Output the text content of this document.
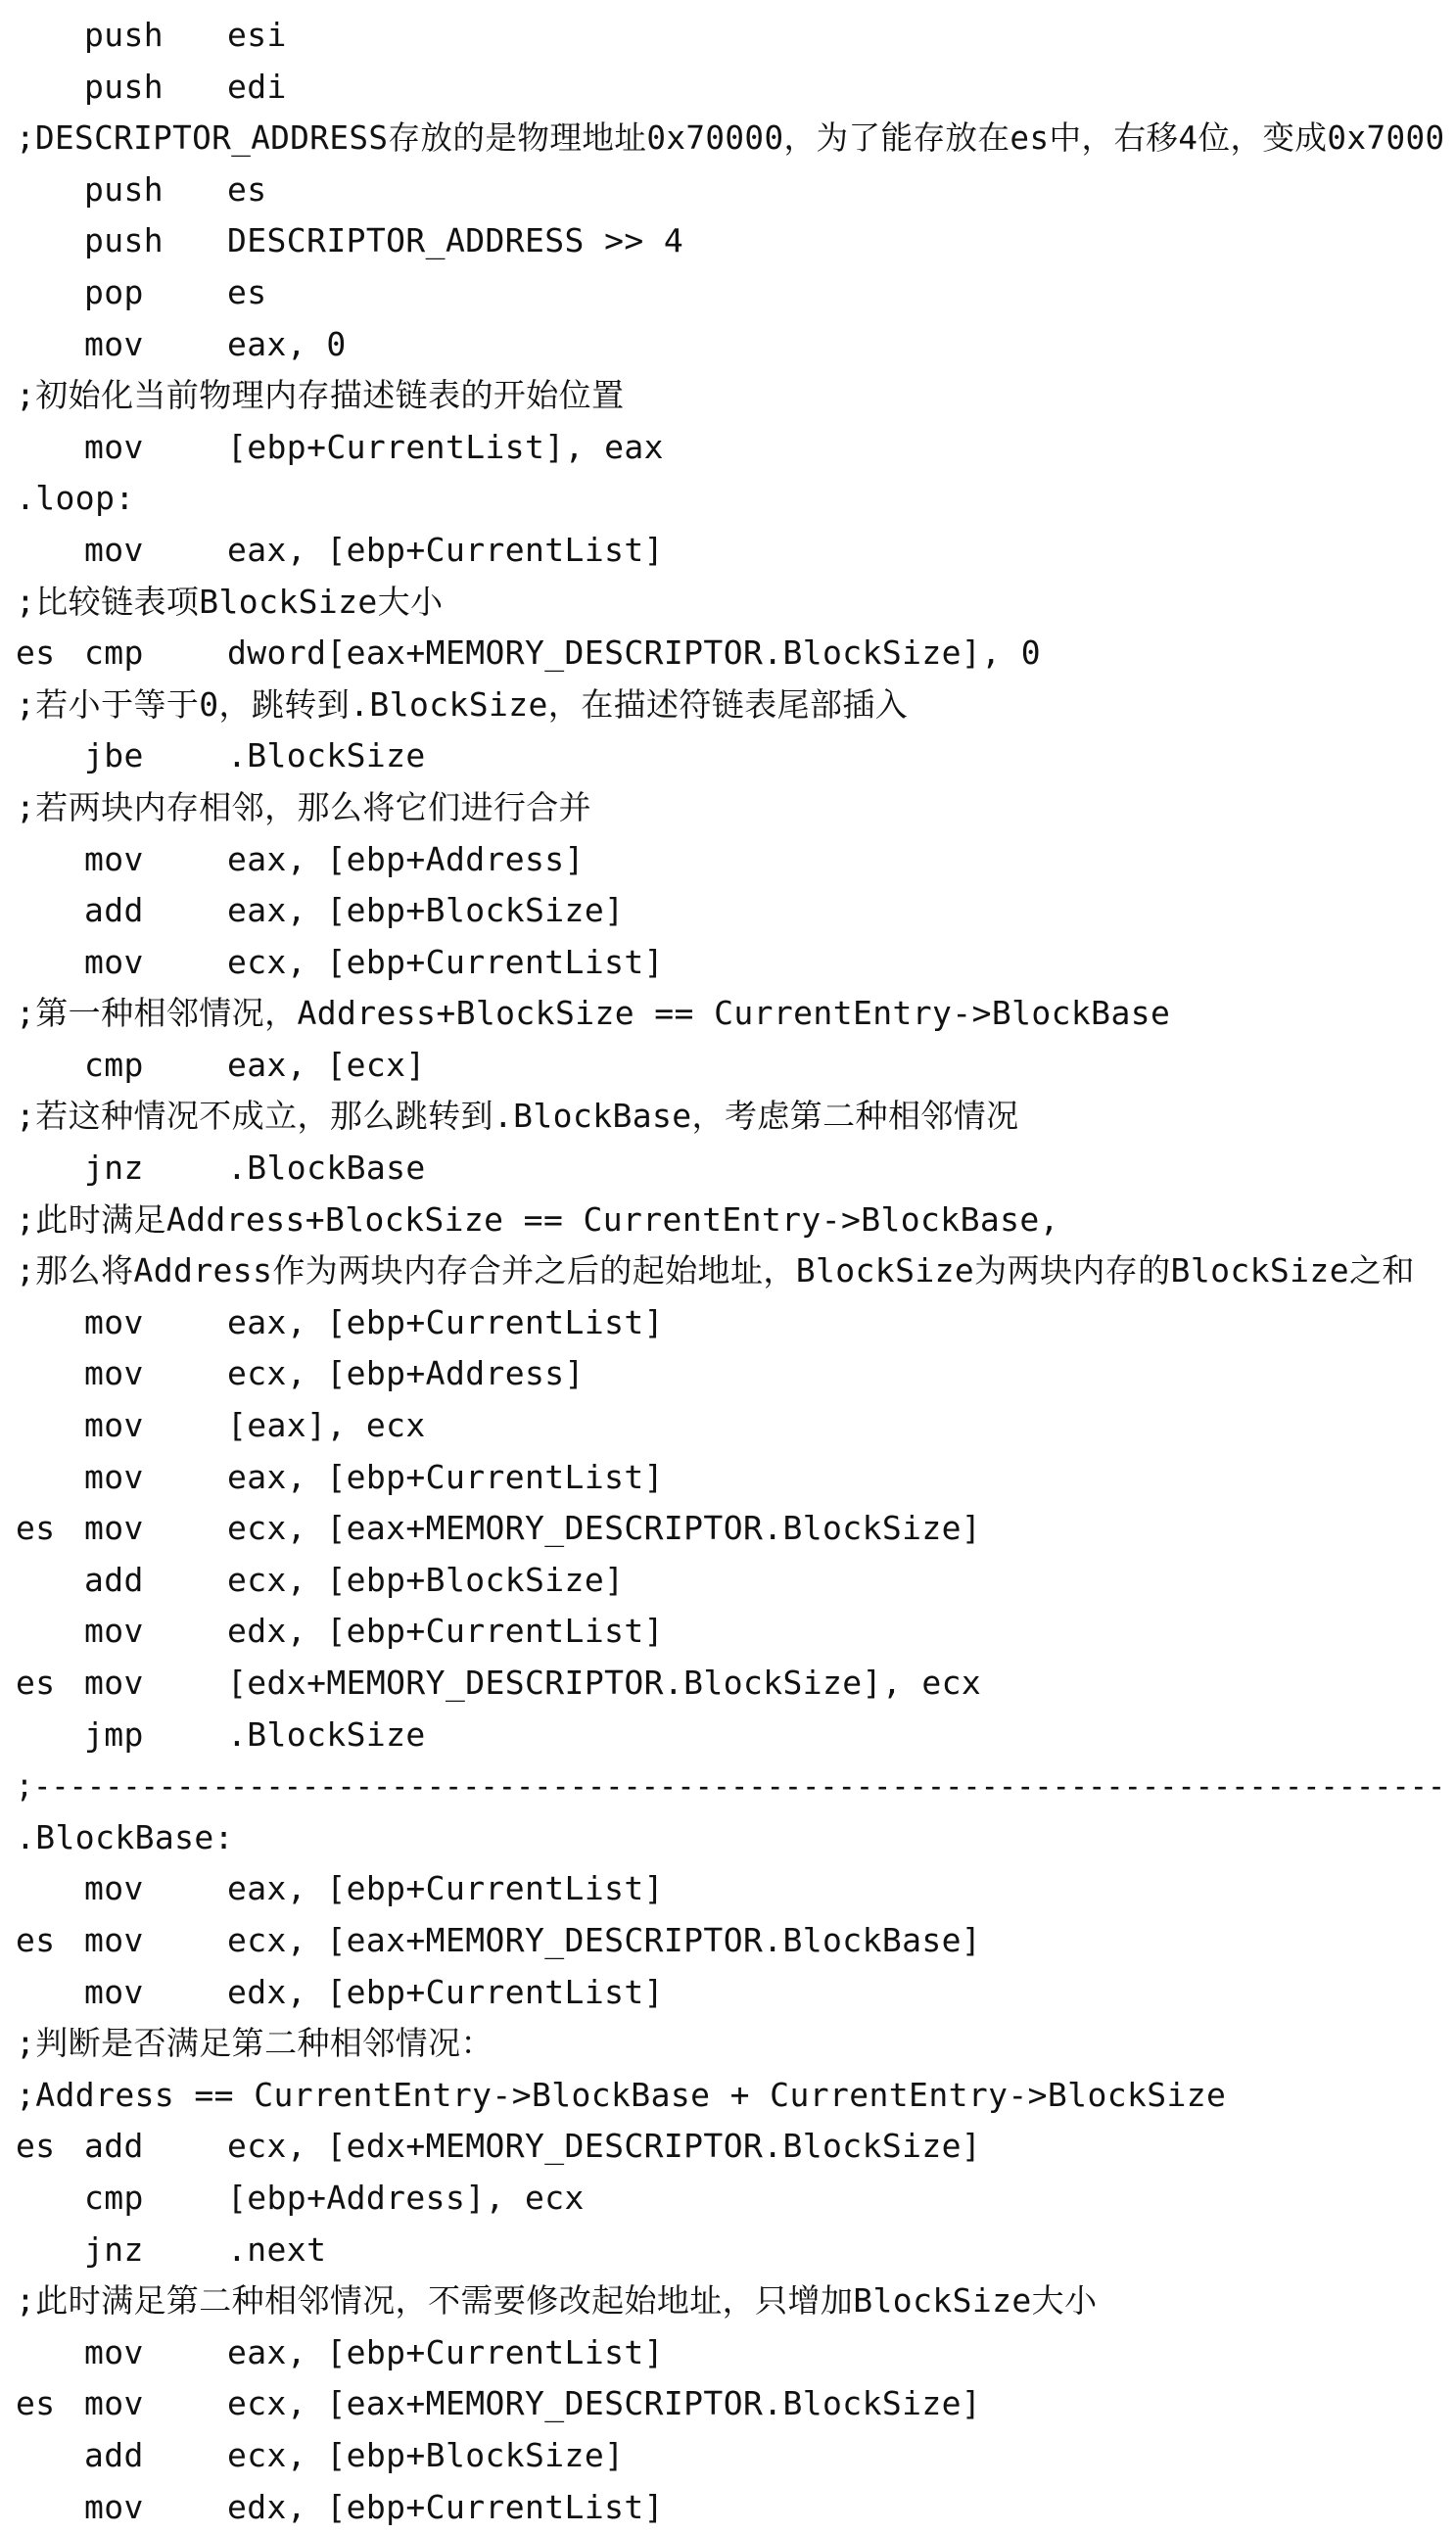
push esi
push edi
;DESCRIPTOR_ADDRESS存放的是物理地址0x70000，为了能存放在es中，右移4位，变成0x7000
push es
push DESCRIPTOR_ADDRESS >> 4
pop	es
mov	eax, 0
;初始化当前物理内存描述链表的开始位置
mov	[ebp+CurrentList], eax
.loop:
mov	eax, [ebp+CurrentList]
;比较链表项BlockSize大小
es cmp	dword[eax+MEMORY_DESCRIPTOR.BlockSize], 0
;若小于等于0，跳转到.BlockSize，在描述符链表尾部插入
jbe	.BlockSize
;若两块内存相邻，那么将它们进行合并
mov	eax, [ebp+Address]
add	eax, [ebp+BlockSize]
mov	ecx, [ebp+CurrentList]
;第一种相邻情况，Address+BlockSize == CurrentEntry->BlockBase
cmp	eax, [ecx]
;若这种情况不成立，那么跳转到.BlockBase，考虑第二种相邻情况
jnz	.BlockBase
;此时满足Address+BlockSize == CurrentEntry->BlockBase,
;那么将Address作为两块内存合并之后的起始地址，BlockSize为两块内存的BlockSize之和
mov	eax, [ebp+CurrentList]
mov	ecx, [ebp+Address]
mov	[eax], ecx
mov	eax, [ebp+CurrentList]
es mov	ecx, [eax+MEMORY_DESCRIPTOR.BlockSize]
add	ecx, [ebp+BlockSize]
mov	edx, [ebp+CurrentList]
es mov	[edx+MEMORY_DESCRIPTOR.BlockSize], ecx
jmp	.BlockSize
;-------------------------------------------------------------------------------
.BlockBase:
mov	eax, [ebp+CurrentList]
es mov	ecx, [eax+MEMORY_DESCRIPTOR.BlockBase]
mov	edx, [ebp+CurrentList]
;判断是否满足第二种相邻情况：
;Address == CurrentEntry->BlockBase + CurrentEntry->BlockSize
es add	ecx, [edx+MEMORY_DESCRIPTOR.BlockSize]
cmp	[ebp+Address], ecx
jnz	.next
;此时满足第二种相邻情况，不需要修改起始地址，只增加BlockSize大小
mov	eax, [ebp+CurrentList]
es mov	ecx, [eax+MEMORY_DESCRIPTOR.BlockSize]
add	ecx, [ebp+BlockSize]
mov	edx, [ebp+CurrentList]
